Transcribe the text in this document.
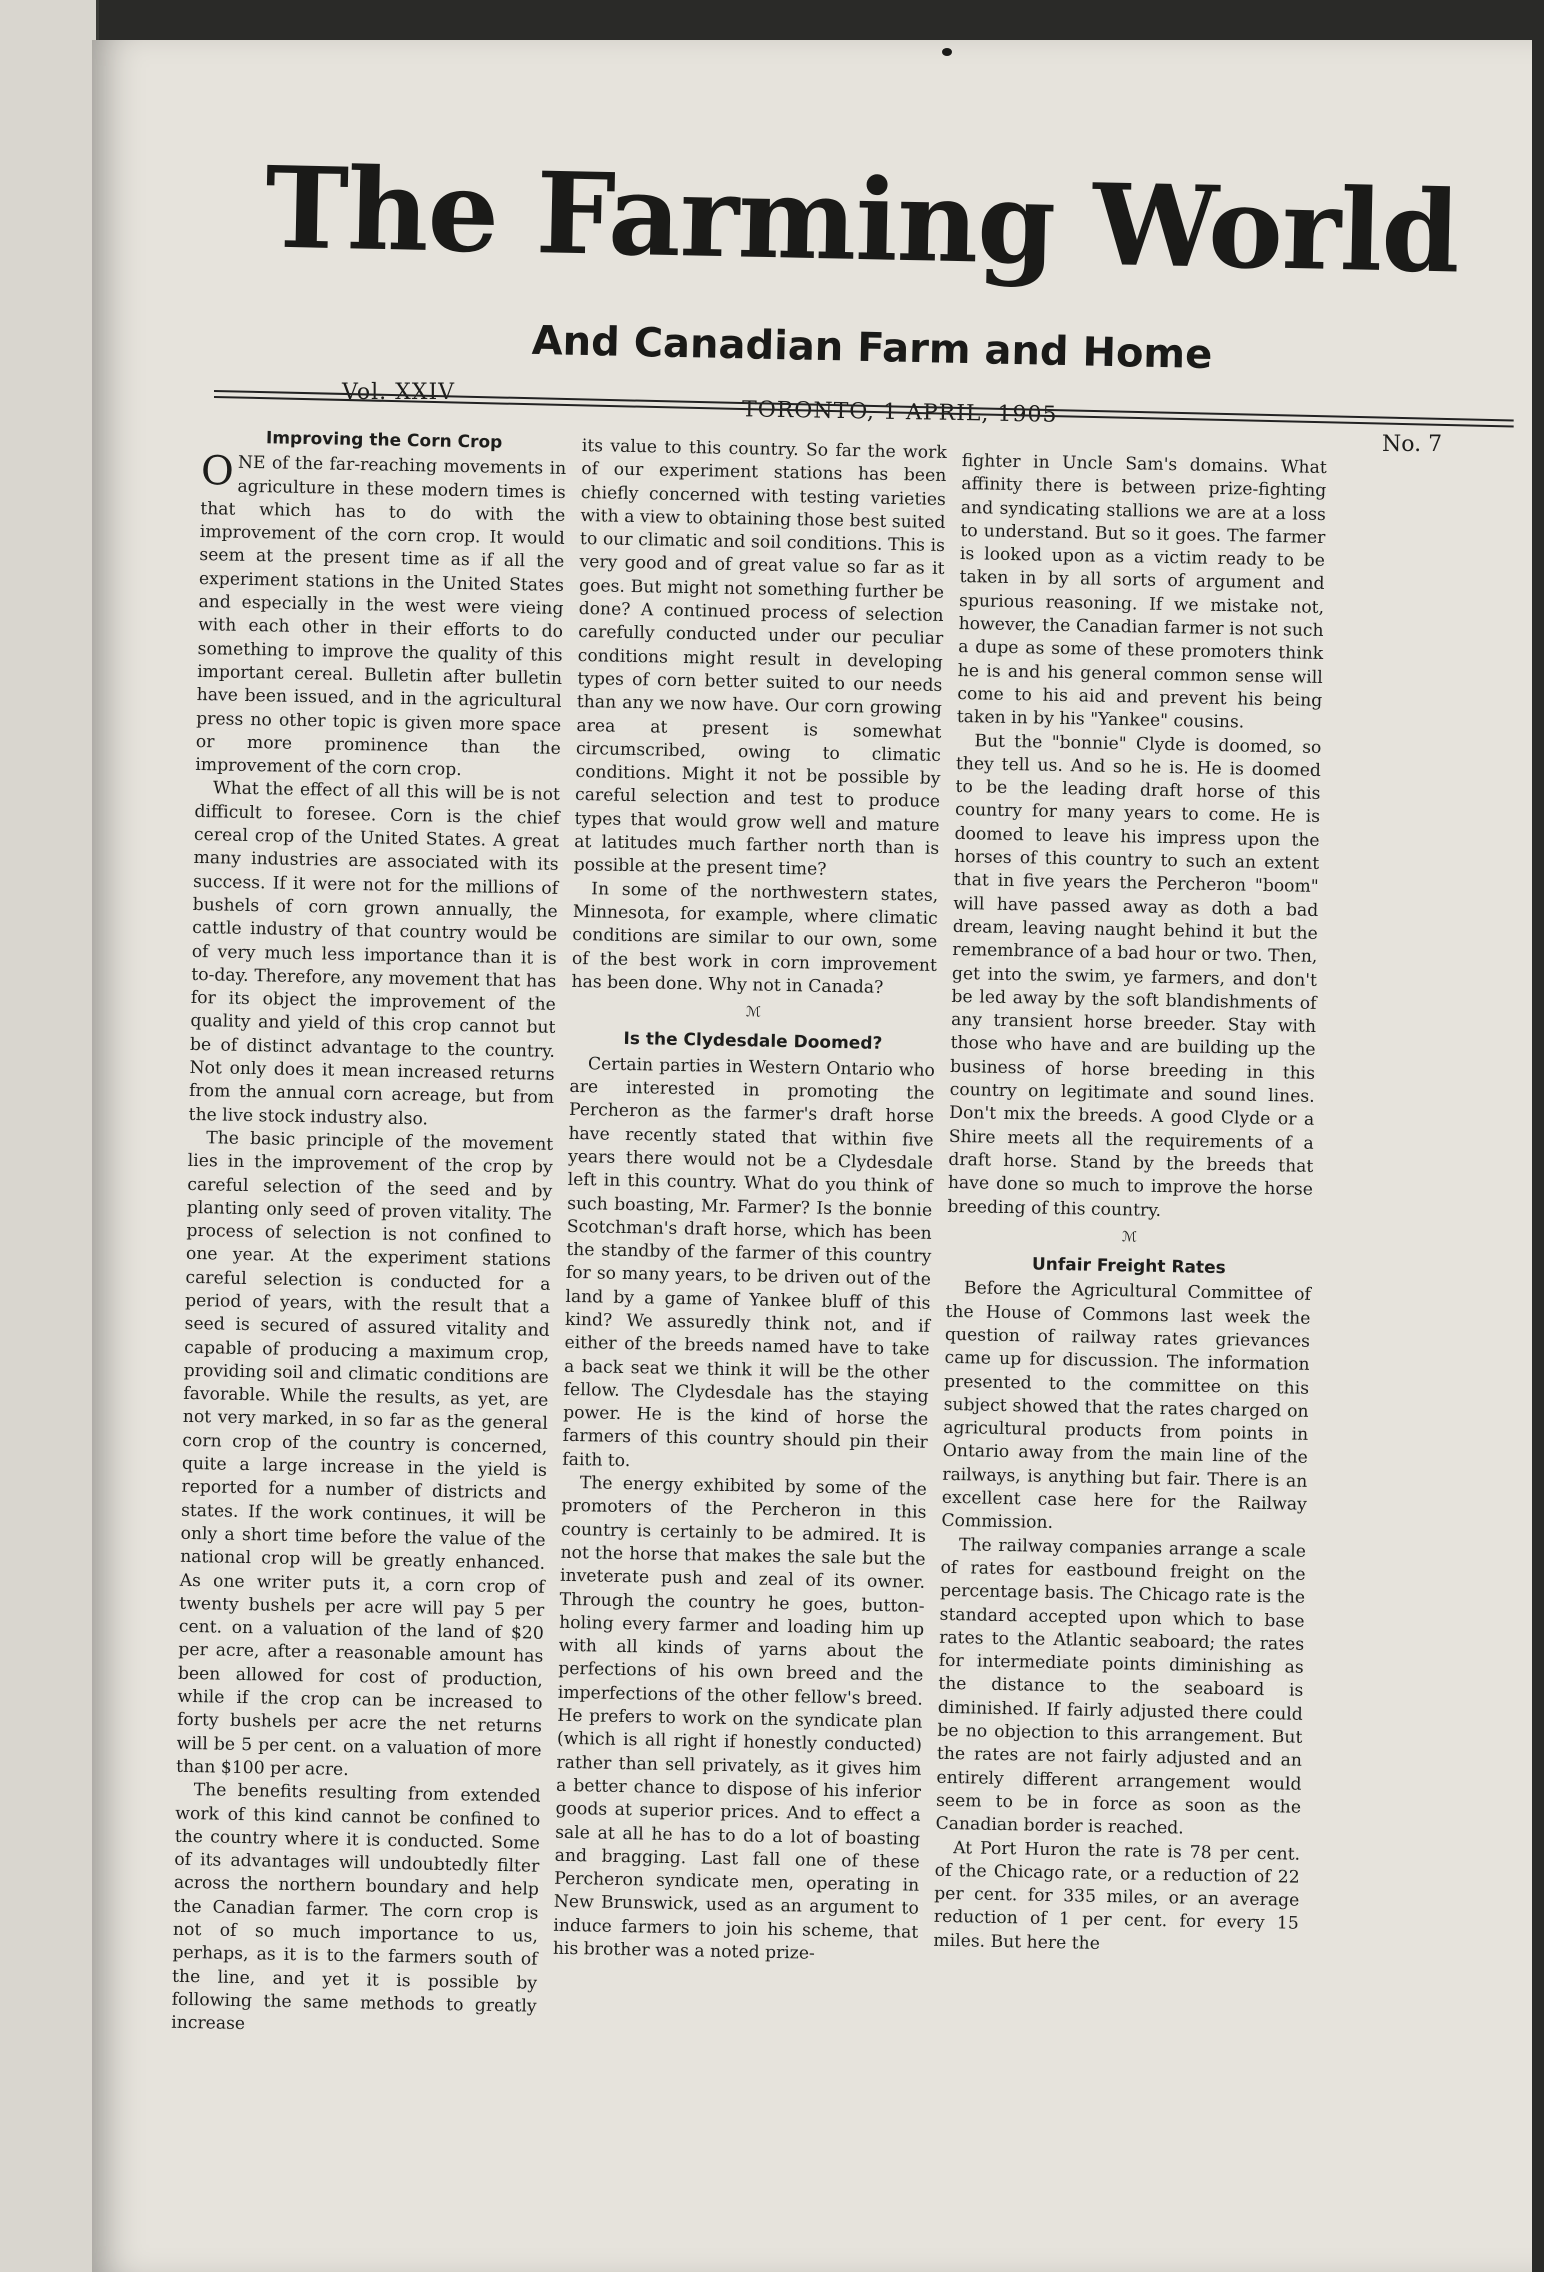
The Farming World
And Canadian Farm and Home
Vol. XXIV
TORONTO, 1 APRIL, 1905
No. 7
Improving the Corn Crop

ONE of the far-reaching movements in agriculture in these modern times is that which has to do with the improvement of the corn crop. It would seem at the present time as if all the experiment stations in the United States and especially in the west were vieing with each other in their efforts to do something to improve the quality of this important cereal. Bulletin after bulletin have been issued, and in the agricultural press no other topic is given more space or more prominence than the improvement of the corn crop.

What the effect of all this will be is not difficult to foresee. Corn is the chief cereal crop of the United States. A great many industries are associated with its success. If it were not for the millions of bushels of corn grown annually, the cattle industry of that country would be of very much less importance than it is to-day. Therefore, any movement that has for its object the improvement of the quality and yield of this crop cannot but be of distinct advantage to the country. Not only does it mean increased returns from the annual corn acreage, but from the live stock industry also.

The basic principle of the movement lies in the improvement of the crop by careful selection of the seed and by planting only seed of proven vitality. The process of selection is not confined to one year. At the experiment stations careful selection is conducted for a period of years, with the result that a seed is secured of assured vitality and capable of producing a maximum crop, providing soil and climatic conditions are favorable. While the results, as yet, are not very marked, in so far as the general corn crop of the country is concerned, quite a large increase in the yield is reported for a number of districts and states. If the work continues, it will be only a short time before the value of the national crop will be greatly enhanced. As one writer puts it, a corn crop of twenty bushels per acre will pay 5 per cent. on a valuation of the land of $20 per acre, after a reasonable amount has been allowed for cost of production, while if the crop can be increased to forty bushels per acre the net returns will be 5 per cent. on a valuation of more than $100 per acre.

The benefits resulting from extended work of this kind cannot be confined to the country where it is conducted. Some of its advantages will undoubtedly filter across the northern boundary and help the Canadian farmer. The corn crop is not of so much importance to us, perhaps, as it is to the farmers south of the line, and yet it is possible by following the same methods to greatly increase

its value to this country. So far the work of our experiment stations has been chiefly concerned with testing varieties with a view to obtaining those best suited to our climatic and soil conditions. This is very good and of great value so far as it goes. But might not something further be done? A continued process of selection carefully conducted under our peculiar conditions might result in developing types of corn better suited to our needs than any we now have. Our corn growing area at present is somewhat circumscribed, owing to climatic conditions. Might it not be possible by careful selection and test to produce types that would grow well and mature at latitudes much farther north than is possible at the present time?

In some of the northwestern states, Minnesota, for example, where climatic conditions are similar to our own, some of the best work in corn improvement has been done. Why not in Canada?

ℳ
Is the Clydesdale Doomed?

Certain parties in Western Ontario who are interested in promoting the Percheron as the farmer's draft horse have recently stated that within five years there would not be a Clydesdale left in this country. What do you think of such boasting, Mr. Farmer? Is the bonnie Scotchman's draft horse, which has been the standby of the farmer of this country for so many years, to be driven out of the land by a game of Yankee bluff of this kind? We assuredly think not, and if either of the breeds named have to take a back seat we think it will be the other fellow. The Clydesdale has the staying power. He is the kind of horse the farmers of this country should pin their faith to.

The energy exhibited by some of the promoters of the Percheron in this country is certainly to be admired. It is not the horse that makes the sale but the inveterate push and zeal of its owner. Through the country he goes, button-holing every farmer and loading him up with all kinds of yarns about the perfections of his own breed and the imperfections of the other fellow's breed. He prefers to work on the syndicate plan (which is all right if honestly conducted) rather than sell privately, as it gives him a better chance to dispose of his inferior goods at superior prices. And to effect a sale at all he has to do a lot of boasting and bragging. Last fall one of these Percheron syndicate men, operating in New Brunswick, used as an argument to induce farmers to join his scheme, that his brother was a noted prize-

fighter in Uncle Sam's domains. What affinity there is between prize-fighting and syndicating stallions we are at a loss to understand. But so it goes. The farmer is looked upon as a victim ready to be taken in by all sorts of argument and spurious reasoning. If we mistake not, however, the Canadian farmer is not such a dupe as some of these promoters think he is and his general common sense will come to his aid and prevent his being taken in by his "Yankee" cousins.

But the "bonnie" Clyde is doomed, so they tell us. And so he is. He is doomed to be the leading draft horse of this country for many years to come. He is doomed to leave his impress upon the horses of this country to such an extent that in five years the Percheron "boom" will have passed away as doth a bad dream, leaving naught behind it but the remembrance of a bad hour or two. Then, get into the swim, ye farmers, and don't be led away by the soft blandishments of any transient horse breeder. Stay with those who have and are building up the business of horse breeding in this country on legitimate and sound lines. Don't mix the breeds. A good Clyde or a Shire meets all the requirements of a draft horse. Stand by the breeds that have done so much to improve the horse breeding of this country.

ℳ
Unfair Freight Rates

Before the Agricultural Committee of the House of Commons last week the question of railway rates grievances came up for discussion. The information presented to the committee on this subject showed that the rates charged on agricultural products from points in Ontario away from the main line of the railways, is anything but fair. There is an excellent case here for the Railway Commission.

The railway companies arrange a scale of rates for eastbound freight on the percentage basis. The Chicago rate is the standard accepted upon which to base rates to the Atlantic seaboard; the rates for intermediate points diminishing as the distance to the seaboard is diminished. If fairly adjusted there could be no objection to this arrangement. But the rates are not fairly adjusted and an entirely different arrangement would seem to be in force as soon as the Canadian border is reached.

At Port Huron the rate is 78 per cent. of the Chicago rate, or a reduction of 22 per cent. for 335 miles, or an average reduction of 1 per cent. for every 15 miles. But here the
